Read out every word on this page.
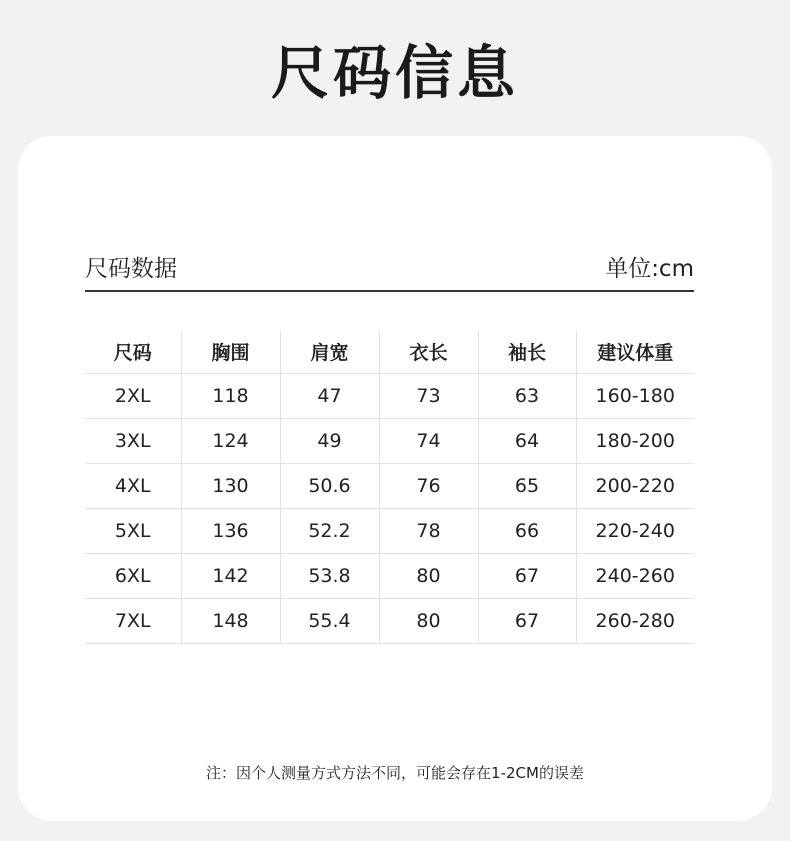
尺码信息
尺码数据	单位:cm
尺码	胸围	肩宽	衣长	袖长	建议体重
2XL	118	47	73	63	160-180
3XL	124	49	74	64	180-200
4XL	130	50.6	76	65	200-220
5XL	136	52.2	78	66	220-240
6XL	142	53.8	80	67	240-260
7XL	148	55.4	80	67	260-280
注：因个人测量方式方法不同，可能会存在1-2CM的误差
